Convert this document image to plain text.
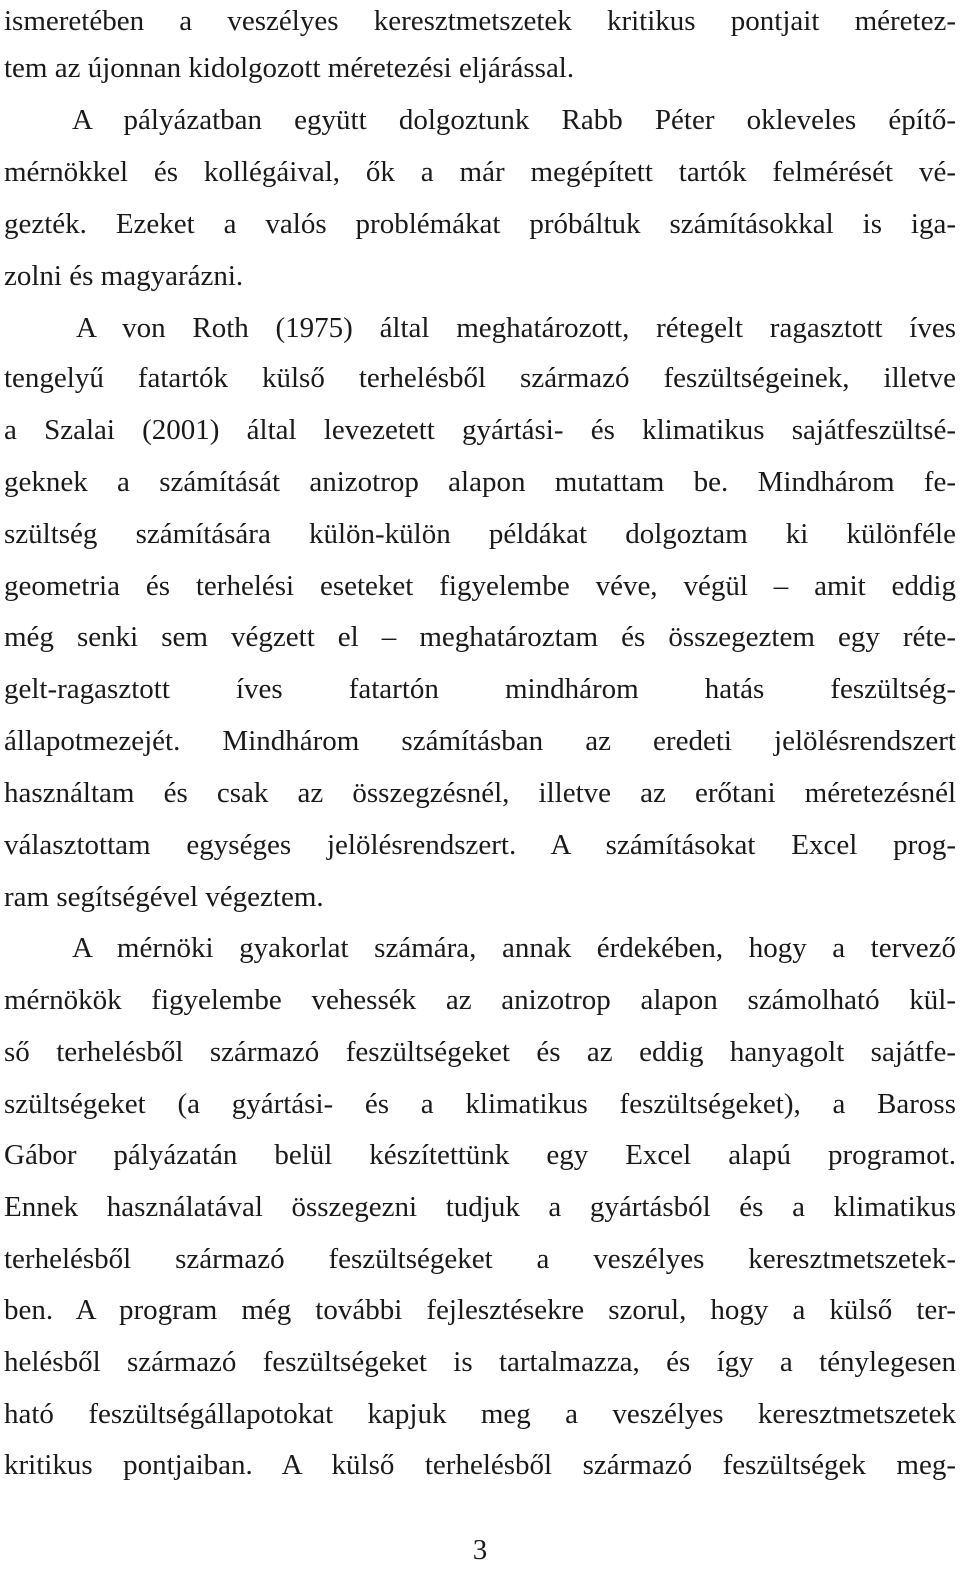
ismeretében a veszélyes keresztmetszetek kritikus pontjait méretez-
tem az újonnan kidolgozott méretezési eljárással.
A pályázatban együtt dolgoztunk Rabb Péter okleveles építő-
mérnökkel és kollégáival, ők a már megépített tartók felmérését vé-
gezték. Ezeket a valós problémákat próbáltuk számításokkal is iga-
zolni és magyarázni.
A von Roth (1975) által meghatározott, rétegelt ragasztott íves
tengelyű fatartók külső terhelésből származó feszültségeinek, illetve
a Szalai (2001) által levezetett gyártási- és klimatikus sajátfeszültsé-
geknek a számítását anizotrop alapon mutattam be. Mindhárom fe-
szültség számítására külön-külön példákat dolgoztam ki különféle
geometria és terhelési eseteket figyelembe véve, végül – amit eddig
még senki sem végzett el – meghatároztam és összegeztem egy réte-
gelt-ragasztott íves fatartón mindhárom hatás feszültség-
állapotmezejét. Mindhárom számításban az eredeti jelölésrendszert
használtam és csak az összegzésnél, illetve az erőtani méretezésnél
választottam egységes jelölésrendszert. A számításokat Excel prog-
ram segítségével végeztem.
A mérnöki gyakorlat számára, annak érdekében, hogy a tervező
mérnökök figyelembe vehessék az anizotrop alapon számolható kül-
ső terhelésből származó feszültségeket és az eddig hanyagolt sajátfe-
szültségeket (a gyártási- és a klimatikus feszültségeket), a Baross
Gábor pályázatán belül készítettünk egy Excel alapú programot.
Ennek használatával összegezni tudjuk a gyártásból és a klimatikus
terhelésből származó feszültségeket a veszélyes keresztmetszetek-
ben. A program még további fejlesztésekre szorul, hogy a külső ter-
helésből származó feszültségeket is tartalmazza, és így a ténylegesen
ható feszültségállapotokat kapjuk meg a veszélyes keresztmetszetek
kritikus pontjaiban. A külső terhelésből származó feszültségek meg-
3
